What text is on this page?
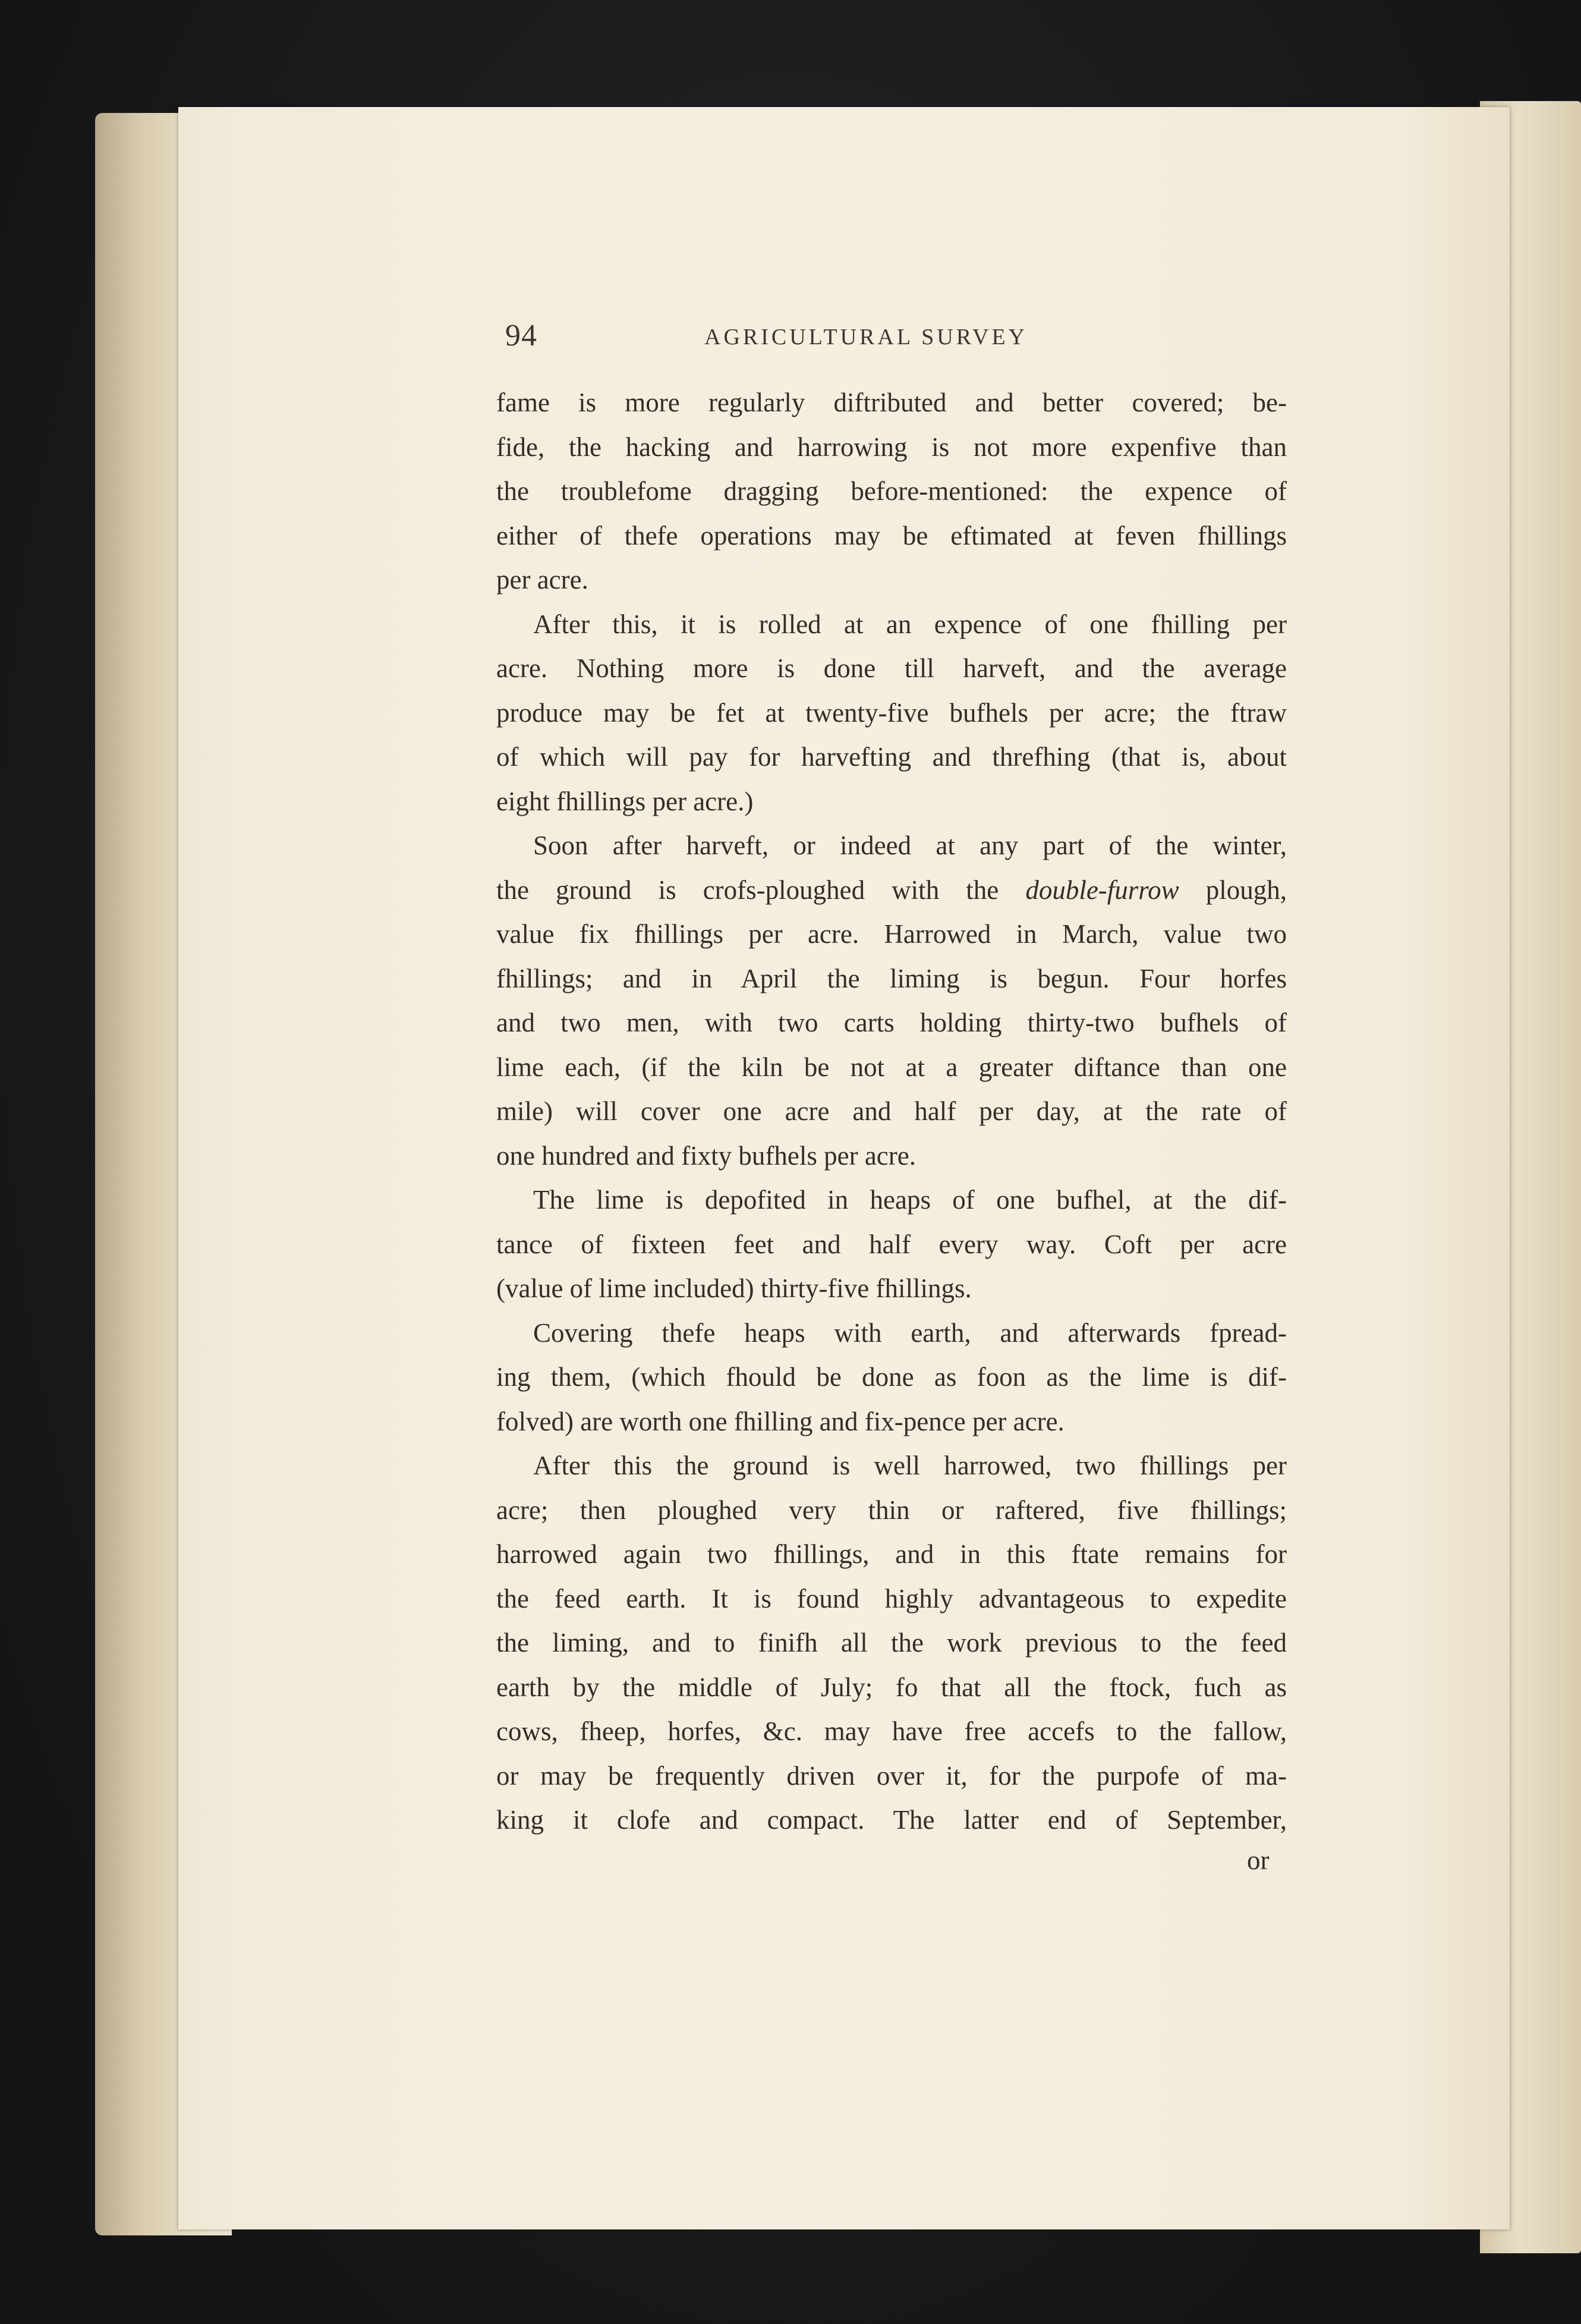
94	AGRICULTURAL SURVEY
fame is more regularly diftributed and better covered; be-
fide, the hacking and harrowing is not more expenfive than
the troublefome dragging before-mentioned: the expence of
either of thefe operations may be eftimated at feven fhillings
per acre.
After this, it is rolled at an expence of one fhilling per
acre. Nothing more is done till harveft, and the average
produce may be fet at twenty-five bufhels per acre; the ftraw
of which will pay for harvefting and threfhing (that is, about
eight fhillings per acre.)
Soon after harveft, or indeed at any part of the winter,
the ground is crofs-ploughed with the double-furrow plough,
value fix fhillings per acre. Harrowed in March, value two
fhillings; and in April the liming is begun. Four horfes
and two men, with two carts holding thirty-two bufhels of
lime each, (if the kiln be not at a greater diftance than one
mile) will cover one acre and half per day, at the rate of
one hundred and fixty bufhels per acre.
The lime is depofited in heaps of one bufhel, at the dif-
tance of fixteen feet and half every way. Coft per acre
(value of lime included) thirty-five fhillings.
Covering thefe heaps with earth, and afterwards fpread-
ing them, (which fhould be done as foon as the lime is dif-
folved) are worth one fhilling and fix-pence per acre.
After this the ground is well harrowed, two fhillings per
acre; then ploughed very thin or raftered, five fhillings;
harrowed again two fhillings, and in this ftate remains for
the feed earth. It is found highly advantageous to expedite
the liming, and to finifh all the work previous to the feed
earth by the middle of July; fo that all the ftock, fuch as
cows, fheep, horfes, &c. may have free accefs to the fallow,
or may be frequently driven over it, for the purpofe of ma-
king it clofe and compact. The latter end of September,
or
